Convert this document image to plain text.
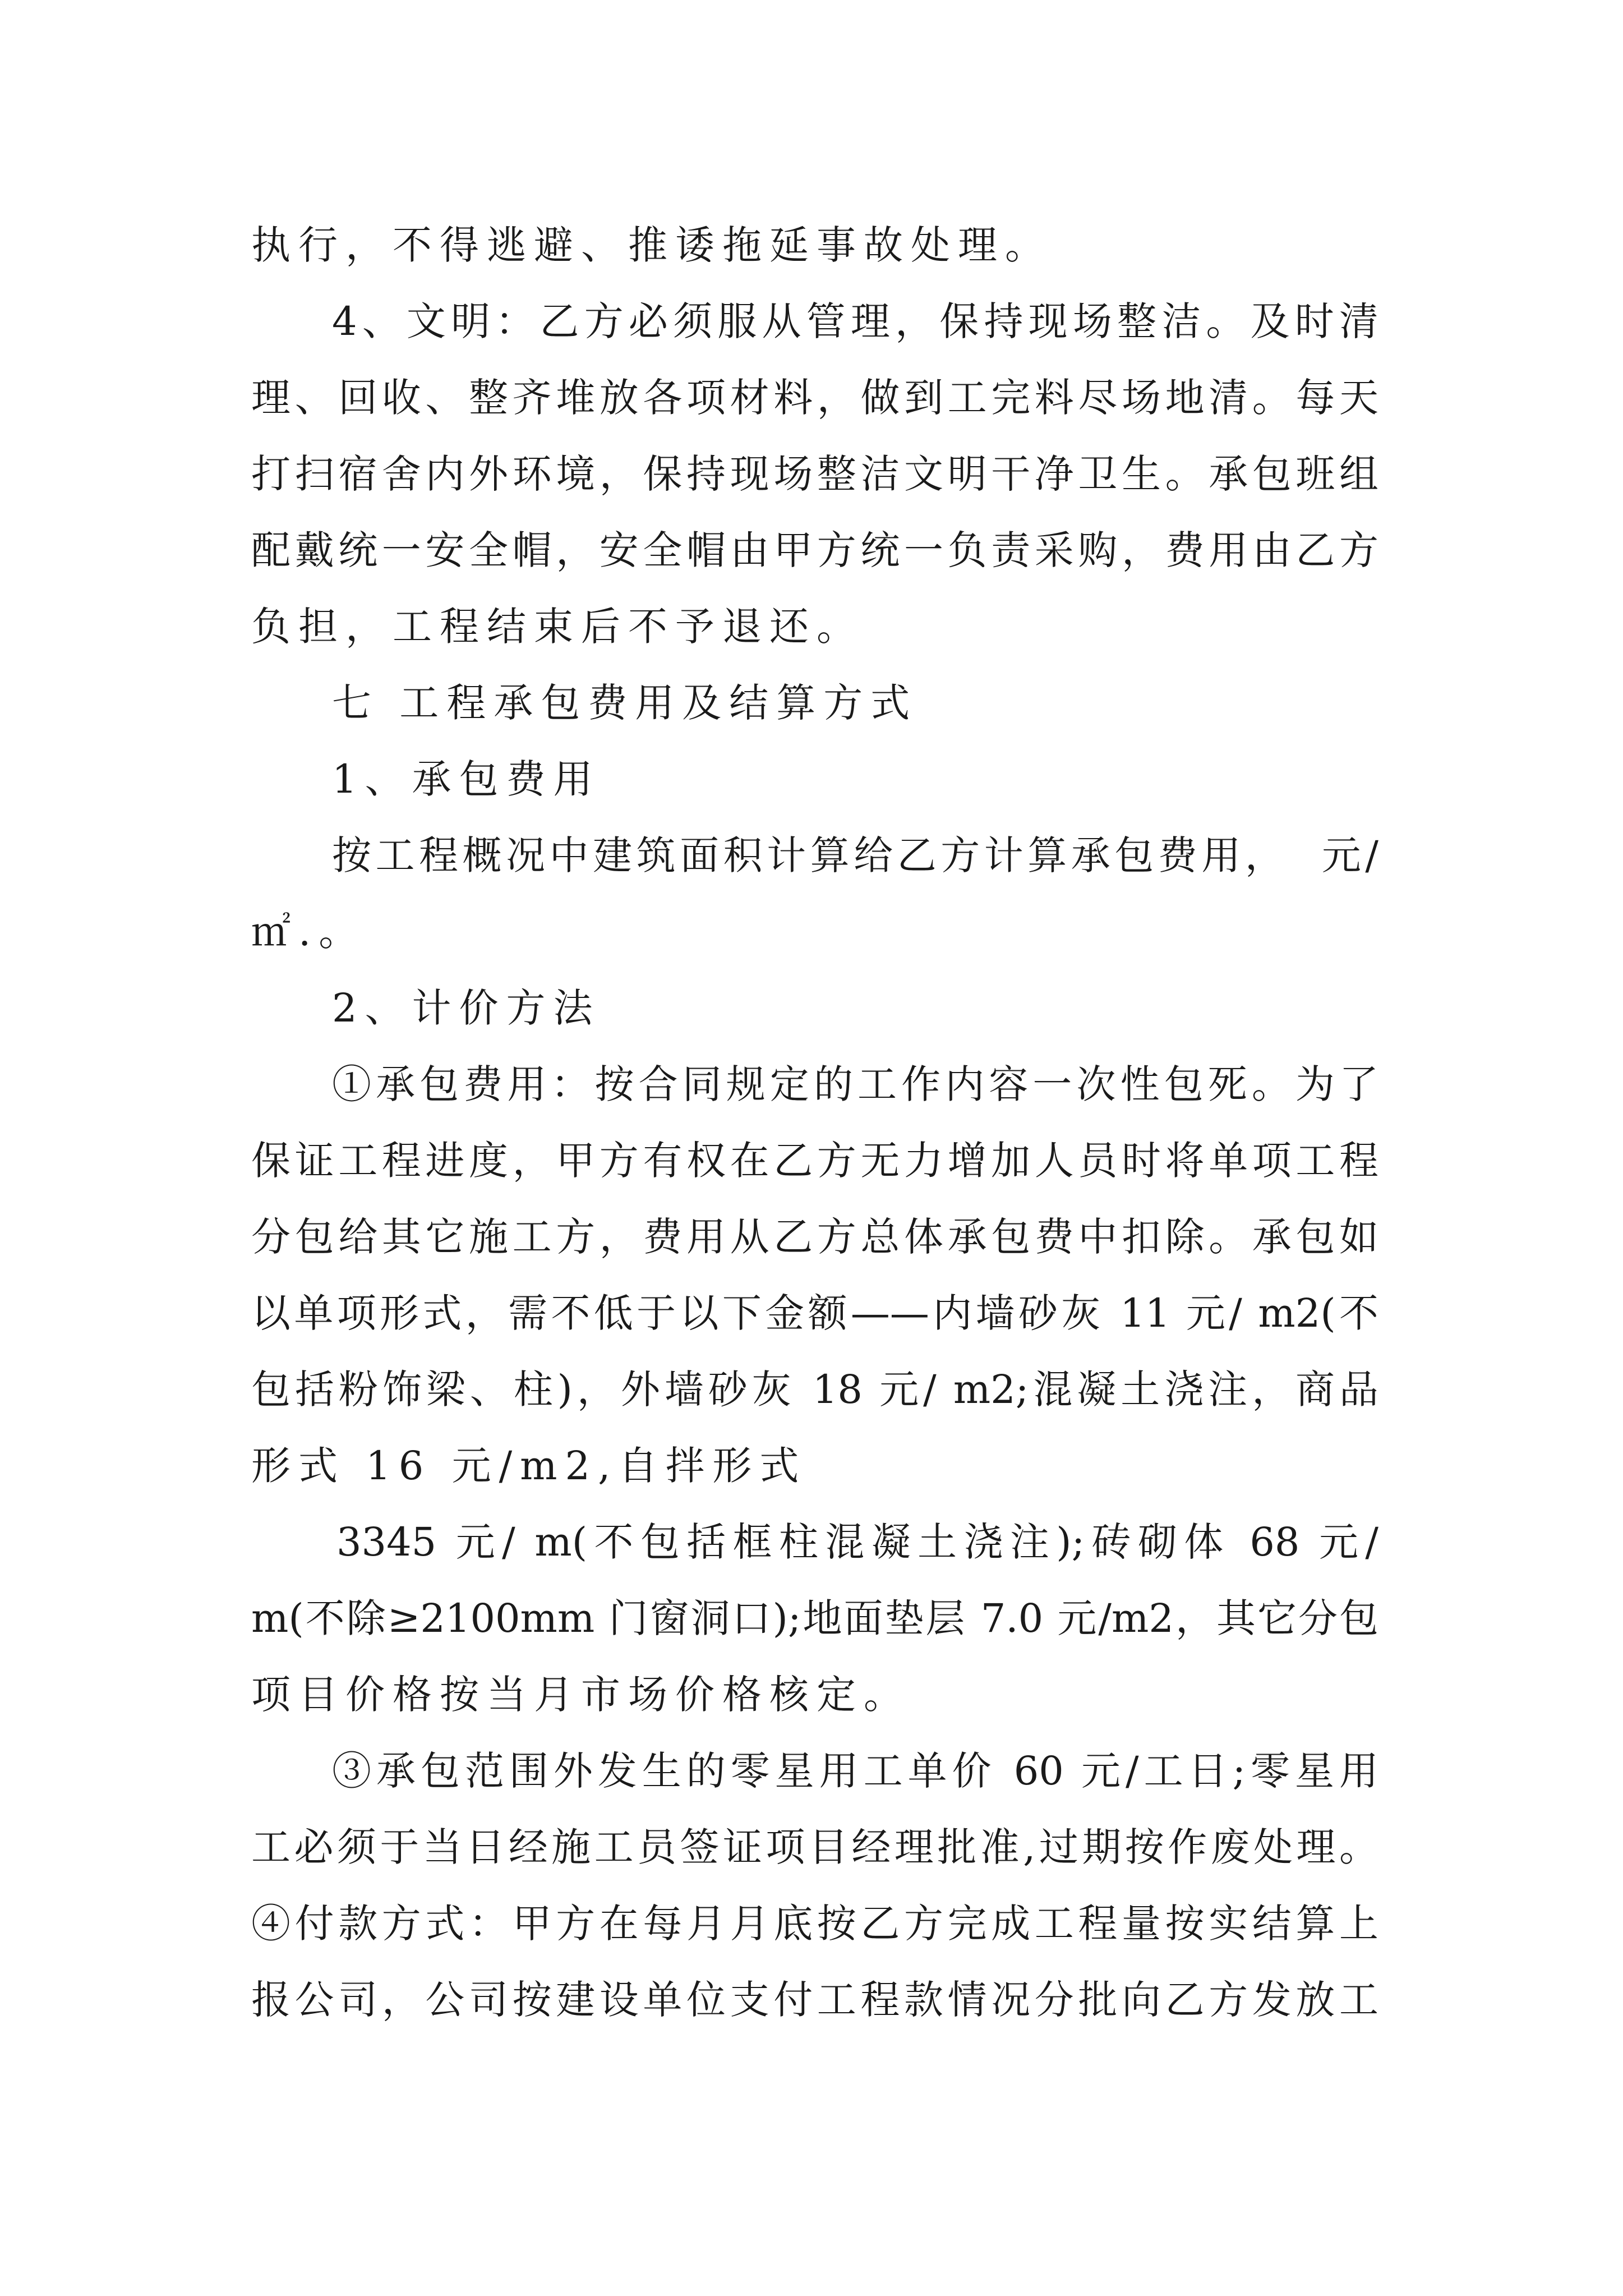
执行，不得逃避、推诿拖延事故处理。

4、文明：乙方必须服从管理，保持现场整洁。及时清

理、回收、整齐堆放各项材料，做到工完料尽场地清。每天

打扫宿舍内外环境，保持现场整洁文明干净卫生。承包班组

配戴统一安全帽，安全帽由甲方统一负责采购，费用由乙方

负担，工程结束后不予退还。

七 工程承包费用及结算方式

1、承包费用

按工程概况中建筑面积计算给乙方计算承包费用，  元/

㎡.。

2、计价方法

①承包费用：按合同规定的工作内容一次性包死。为了

保证工程进度，甲方有权在乙方无力增加人员时将单项工程

分包给其它施工方，费用从乙方总体承包费中扣除。承包如

以单项形式，需不低于以下金额——内墙砂灰 11 元/ m2(不

包括粉饰梁、柱)，外墙砂灰 18 元/ m2;混凝土浇注，商品

形式 16 元/m2,自拌形式

3345 元/ m(不包括框柱混凝土浇注);砖砌体 68 元/

m(不除≥2100mm 门窗洞口);地面垫层 7.0 元/m2，其它分包

项目价格按当月市场价格核定。

③承包范围外发生的零星用工单价 60 元/工日;零星用

工必须于当日经施工员签证项目经理批准,过期按作废处理。

④付款方式：甲方在每月月底按乙方完成工程量按实结算上

报公司，公司按建设单位支付工程款情况分批向乙方发放工
